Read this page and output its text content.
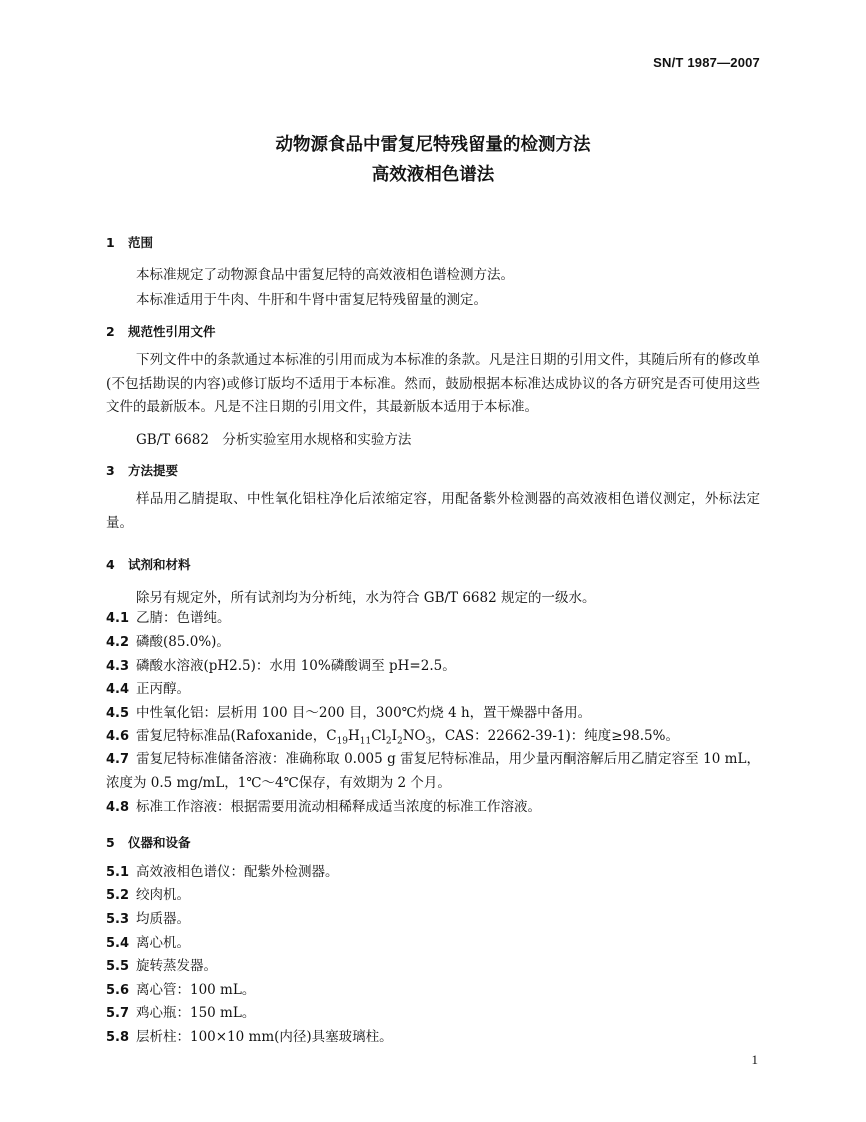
SN/T 1987—2007
动物源食品中雷复尼特残留量的检测方法
高效液相色谱法
1 范围
本标准规定了动物源食品中雷复尼特的高效液相色谱检测方法。
本标准适用于牛肉、牛肝和牛肾中雷复尼特残留量的测定。
2 规范性引用文件
下列文件中的条款通过本标准的引用而成为本标准的条款。凡是注日期的引用文件，其随后所有的修改单(不包括勘误的内容)或修订版均不适用于本标准。然而，鼓励根据本标准达成协议的各方研究是否可使用这些文件的最新版本。凡是不注日期的引用文件，其最新版本适用于本标准。
GB/T 6682　分析实验室用水规格和实验方法
3 方法提要
样品用乙腈提取、中性氧化铝柱净化后浓缩定容，用配备紫外检测器的高效液相色谱仪测定，外标法定量。
4 试剂和材料
除另有规定外，所有试剂均为分析纯，水为符合 GB/T 6682 规定的一级水。
4.1 乙腈：色谱纯。
4.2 磷酸(85.0%)。
4.3 磷酸水溶液(pH2.5)：水用 10%磷酸调至 pH=2.5。
4.4 正丙醇。
4.5 中性氧化铝：层析用 100 目～200 目，300℃灼烧 4 h，置干燥器中备用。
4.6 雷复尼特标准品(Rafoxanide，$C_{19}H_{11}Cl_2I_2NO_3$，CAS：22662-39-1)：纯度≥98.5%。
4.7 雷复尼特标准储备溶液：准确称取 0.005 g 雷复尼特标准品，用少量丙酮溶解后用乙腈定容至 10 mL，浓度为 0.5 mg/mL，1℃～4℃保存，有效期为 2 个月。
4.8 标准工作溶液：根据需要用流动相稀释成适当浓度的标准工作溶液。
5 仪器和设备
5.1 高效液相色谱仪：配紫外检测器。
5.2 绞肉机。
5.3 均质器。
5.4 离心机。
5.5 旋转蒸发器。
5.6 离心管：100 mL。
5.7 鸡心瓶：150 mL。
5.8 层析柱：100×10 mm(内径)具塞玻璃柱。
1
